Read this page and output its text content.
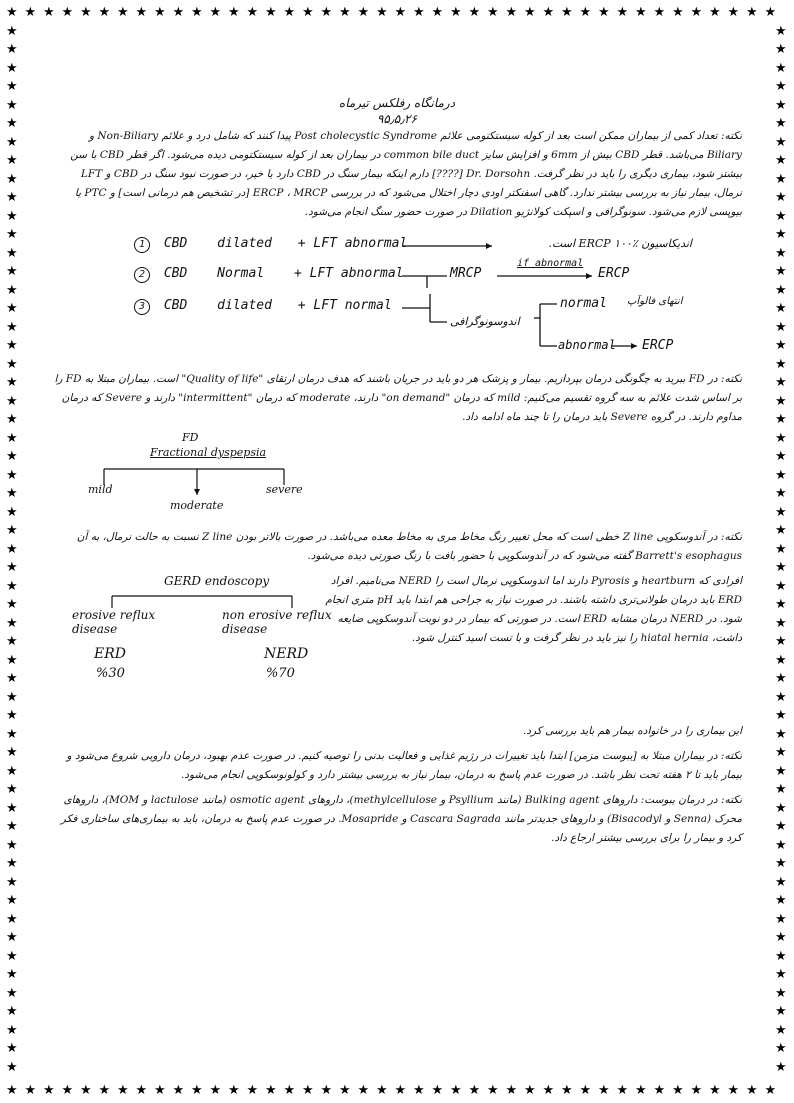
★
★
★
★
★
★
★
★
★
★
★
★
★
★
★
★
★
★
★
★
★
★
★
★
★
★
★
★
★
★
★
★
★
★
★
★
★
★
★
★
★
★
★
★
★
★
★
★
★
★
★
★
★
★
★
★
★
★
★
★
★
★
★
★
★
★
★
★
★
★
★
★
★
★
★
★
★
★
★
★
★
★
★
★
★	★
★	★
★	★
★	★
★	★
★	★
★	★
★	★
★	★
★	★
★	★
★	★
★	★
★	★
★	★
★	★
★	★
★	★
★	★
★	★
★	★
★	★
★	★
★	★
★	★
★	★
★	★
★	★
★	★
★	★
★	★
★	★
★	★
★	★
★	★
★	★
★	★
★	★
★	★
★	★
★	★
★	★
★	★
★	★
★	★
★	★
★	★
★	★
★	★
★	★
★	★
★	★
★	★
★	★
★	★
★	★
★	★
درمانگاه رفلکس تیرماه
۹۵٫۵٫۲۶

نکته: تعداد کمی از بیماران ممکن است بعد از کوله سیستکتومی علائم Post cholecystic Syndrome پیدا کنند که شامل درد و علائم Non-Biliary و Biliary می‌باشد. قطر CBD بیش از 6mm و افزایش سایز common bile duct در بیماران بعد از کوله سیستکتومی دیده می‌شود. اگر قطر CBD با سن بیشتر شود، بیماری دیگری را باید در نظر گرفت. Dr. Dorsohn [????] دارم اینکه بیمار سنگ در CBD دارد یا خیر، در صورت نبود سنگ در CBD و LFT نرمال، بیمار نیاز به بررسی بیشتر ندارد. گاهی اسفنکتر اودی دچار اختلال می‌شود که در بررسی ERCP ، MRCP [در تشخیص هم درمانی است] و PTC یا بیوپسی لازم می‌شود. سونوگرافی و اسپکت کولانژیو Dilation در صورت حضور سنگ انجام می‌شود.

1 CBD dilated + LFT abnormal	اندیکاسیون ERCP ۱۰۰٪ است.
2 CBD Normal + LFT abnormal	MRCP
if abnormal
ERCP
3 CBD dilated + LFT normal
اندوسونوگرافی
normal انتهای فالوآپ
abnormal ERCP

نکته: در FD ببرید به چگونگی درمان بپردازیم. بیمار و پزشک هر دو باید در جریان باشند که هدف درمان ارتقای "Quality of life" است. بیماران مبتلا به FD را بر اساس شدت علائم به سه گروه تقسیم می‌کنیم: mild که درمان "on demand" دارند، moderate که درمان "intermittent" دارند و Severe که درمان مداوم دارند. در گروه Severe باید درمان را تا چند ماه ادامه داد.

FD
Fractional dyspepsia
mild
moderate
severe

نکته: در آندوسکوپی Z line خطی است که محل تغییر رنگ مخاط مری به مخاط معده می‌باشد. در صورت بالاتر بودن Z line نسبت به حالت نرمال، به آن Barrett's esophagus گفته می‌شود که در آندوسکوپی با حضور بافت با رنگ صورتی دیده می‌شود.

GERD endoscopy
erosive reflux disease
ERD
%30
non erosive reflux disease
NERD
%70
افرادی که heartburn و Pyrosis دارند اما اندوسکوپی نرمال است را NERD می‌نامیم. افراد ERD باید درمان طولانی‌تری داشته باشند. در صورت نیاز به جراحی هم ابتدا باید pH متری انجام شود. در NERD درمان مشابه ERD است. در صورتی که بیمار در دو نوبت آندوسکوپی ضایعه داشت، hiatal hernia را نیز باید در نظر گرفت و با تست اسید کنترل شود.

این بیماری را در خانواده بیمار هم باید بررسی کرد.

نکته: در بیماران مبتلا به [یبوست مزمن] ابتدا باید تغییرات در رژیم غذایی و فعالیت بدنی را توصیه کنیم. در صورت عدم بهبود، درمان دارویی شروع می‌شود و بیمار باید تا ۲ هفته تحت نظر باشد. در صورت عدم پاسخ به درمان، بیمار نیاز به بررسی بیشتر دارد و کولونوسکوپی انجام می‌شود.

نکته: در درمان یبوست: داروهای Bulking agent (مانند Psyllium و methylcellulose)، داروهای osmotic agent (مانند lactulose و MOM)، داروهای محرک (Senna و Bisacodyl) و داروهای جدیدتر مانند Cascara Sagrada و Mosapride. در صورت عدم پاسخ به درمان، باید به بیماری‌های ساختاری فکر کرد و بیمار را برای بررسی بیشتر ارجاع داد.
